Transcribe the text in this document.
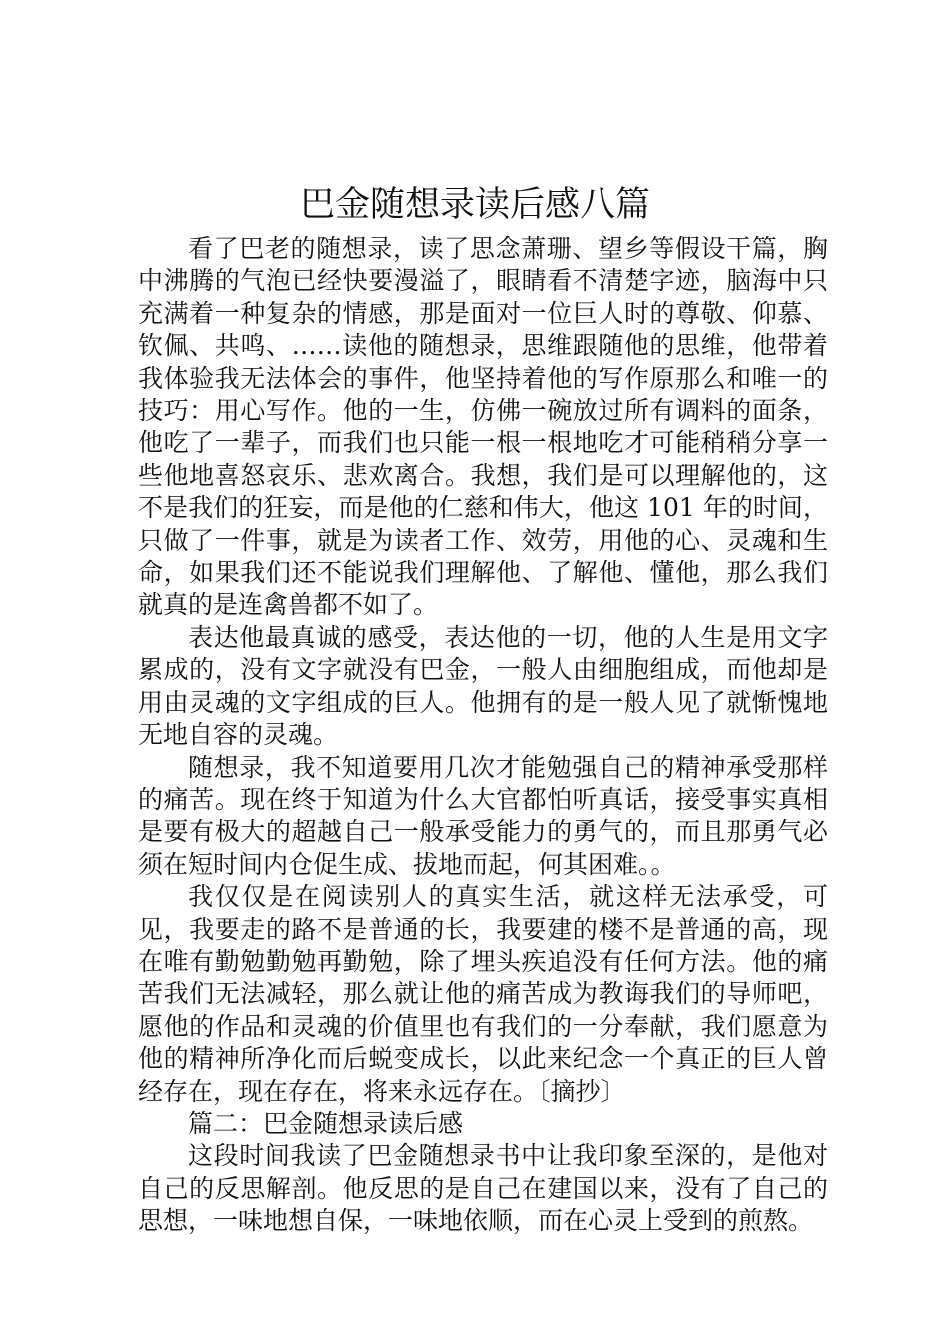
巴金随想录读后感八篇

看了巴老的随想录，读了思念萧珊、望乡等假设干篇，胸中沸腾的气泡已经快要漫溢了，眼睛看不清楚字迹，脑海中只充满着一种复杂的情感，那是面对一位巨人时的尊敬、仰慕、钦佩、共鸣、……读他的随想录，思维跟随他的思维，他带着我体验我无法体会的事件，他坚持着他的写作原那么和唯一的技巧：用心写作。他的一生，仿佛一碗放过所有调料的面条，他吃了一辈子，而我们也只能一根一根地吃才可能稍稍分享一些他地喜怒哀乐、悲欢离合。我想，我们是可以理解他的，这不是我们的狂妄，而是他的仁慈和伟大，他这 101 年的时间，只做了一件事，就是为读者工作、效劳，用他的心、灵魂和生命，如果我们还不能说我们理解他、了解他、懂他，那么我们就真的是连禽兽都不如了。

表达他最真诚的感受，表达他的一切，他的人生是用文字累成的，没有文字就没有巴金，一般人由细胞组成，而他却是用由灵魂的文字组成的巨人。他拥有的是一般人见了就惭愧地无地自容的灵魂。

随想录，我不知道要用几次才能勉强自己的精神承受那样的痛苦。现在终于知道为什么大官都怕听真话，接受事实真相是要有极大的超越自己一般承受能力的勇气的，而且那勇气必须在短时间内仓促生成、拔地而起，何其困难。。

我仅仅是在阅读别人的真实生活，就这样无法承受，可见，我要走的路不是普通的长，我要建的楼不是普通的高，现在唯有勤勉勤勉再勤勉，除了埋头疾追没有任何方法。他的痛苦我们无法减轻，那么就让他的痛苦成为教诲我们的导师吧，愿他的作品和灵魂的价值里也有我们的一分奉献，我们愿意为他的精神所净化而后蜕变成长，以此来纪念一个真正的巨人曾经存在，现在存在，将来永远存在。〔摘抄〕

篇二：巴金随想录读后感

这段时间我读了巴金随想录书中让我印象至深的，是他对自己的反思解剖。他反思的是自己在建国以来，没有了自己的思想，一味地想自保，一味地依顺，而在心灵上受到的煎熬。
